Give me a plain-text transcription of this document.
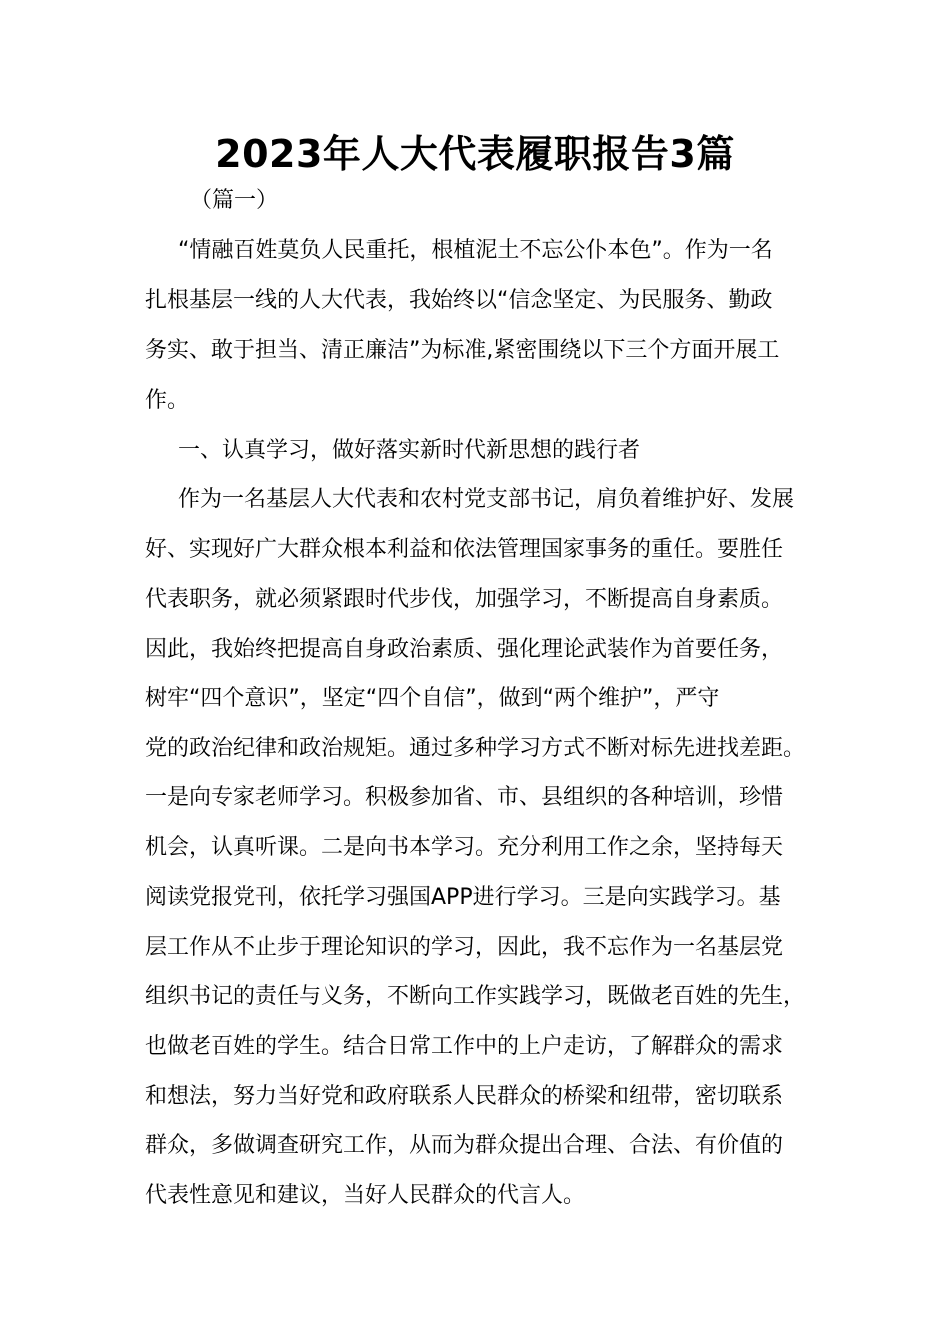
2023年人大代表履职报告3篇

（篇一）

“情融百姓莫负人民重托，根植泥土不忘公仆本色”。作为一名

扎根基层一线的人大代表，我始终以“信念坚定、为民服务、勤政

务实、敢于担当、清正廉洁”为标准,紧密围绕以下三个方面开展工

作。

一、认真学习，做好落实新时代新思想的践行者

作为一名基层人大代表和农村党支部书记，肩负着维护好、发展

好、实现好广大群众根本利益和依法管理国家事务的重任。要胜任

代表职务，就必须紧跟时代步伐，加强学习，不断提高自身素质。

因此，我始终把提高自身政治素质、强化理论武装作为首要任务，

树牢“四个意识”，坚定“四个自信”，做到“两个维护”，严守

党的政治纪律和政治规矩。通过多种学习方式不断对标先进找差距。

一是向专家老师学习。积极参加省、市、县组织的各种培训，珍惜

机会，认真听课。二是向书本学习。充分利用工作之余，坚持每天

阅读党报党刊，依托学习强国APP进行学习。三是向实践学习。基

层工作从不止步于理论知识的学习，因此，我不忘作为一名基层党

组织书记的责任与义务，不断向工作实践学习，既做老百姓的先生，

也做老百姓的学生。结合日常工作中的上户走访，了解群众的需求

和想法，努力当好党和政府联系人民群众的桥梁和纽带，密切联系

群众，多做调查研究工作，从而为群众提出合理、合法、有价值的

代表性意见和建议，当好人民群众的代言人。
